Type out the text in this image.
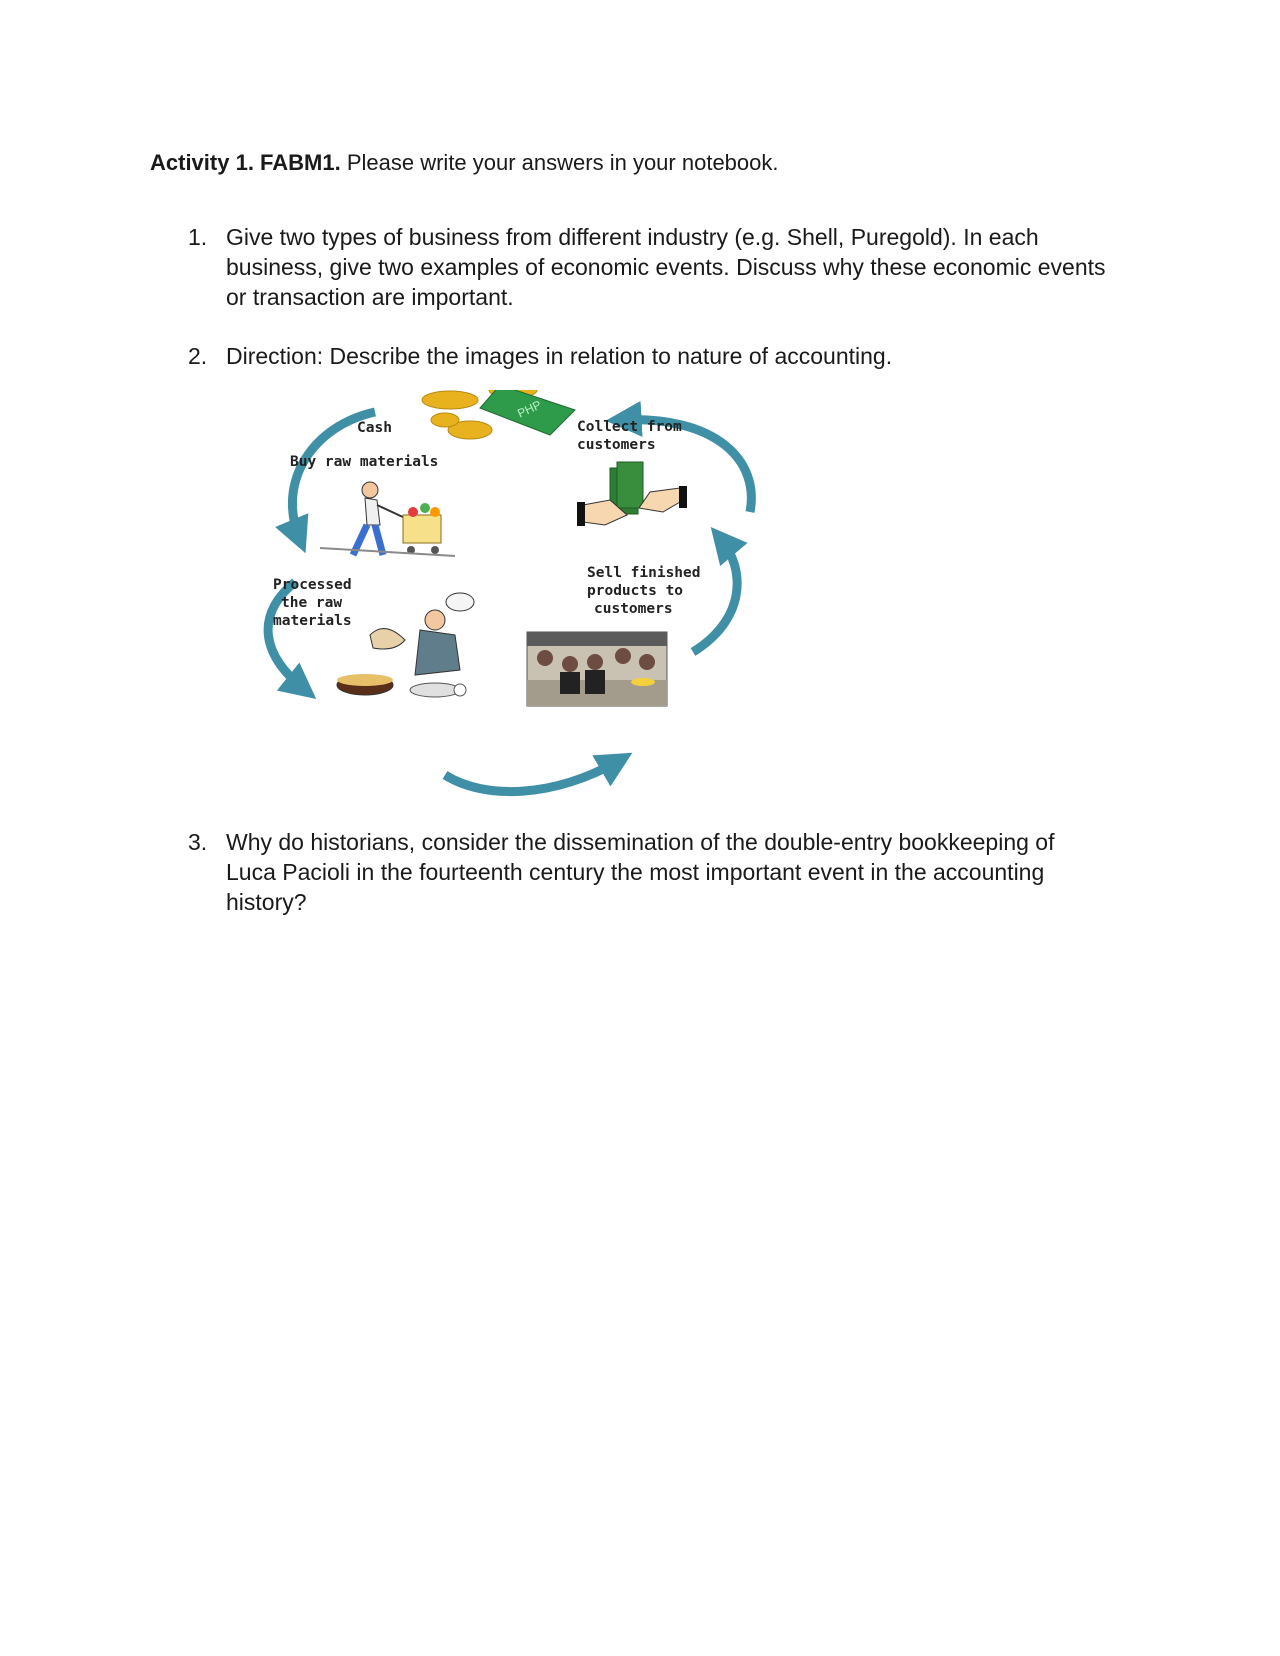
Activity 1. FABM1. Please write your answers in your notebook.
1. Give two types of business from different industry (e.g. Shell, Puregold). In each business, give two examples of economic events. Discuss why these economic events or transaction are important.
2. Direction: Describe the images in relation to nature of accounting.
PHP
Cash
Buy raw materials
Collect from
customers
Processed
the raw
materials
Sell finished
products to
customers
3. Why do historians, consider the dissemination of the double-entry bookkeeping of Luca Pacioli in the fourteenth century the most important event in the accounting history?
